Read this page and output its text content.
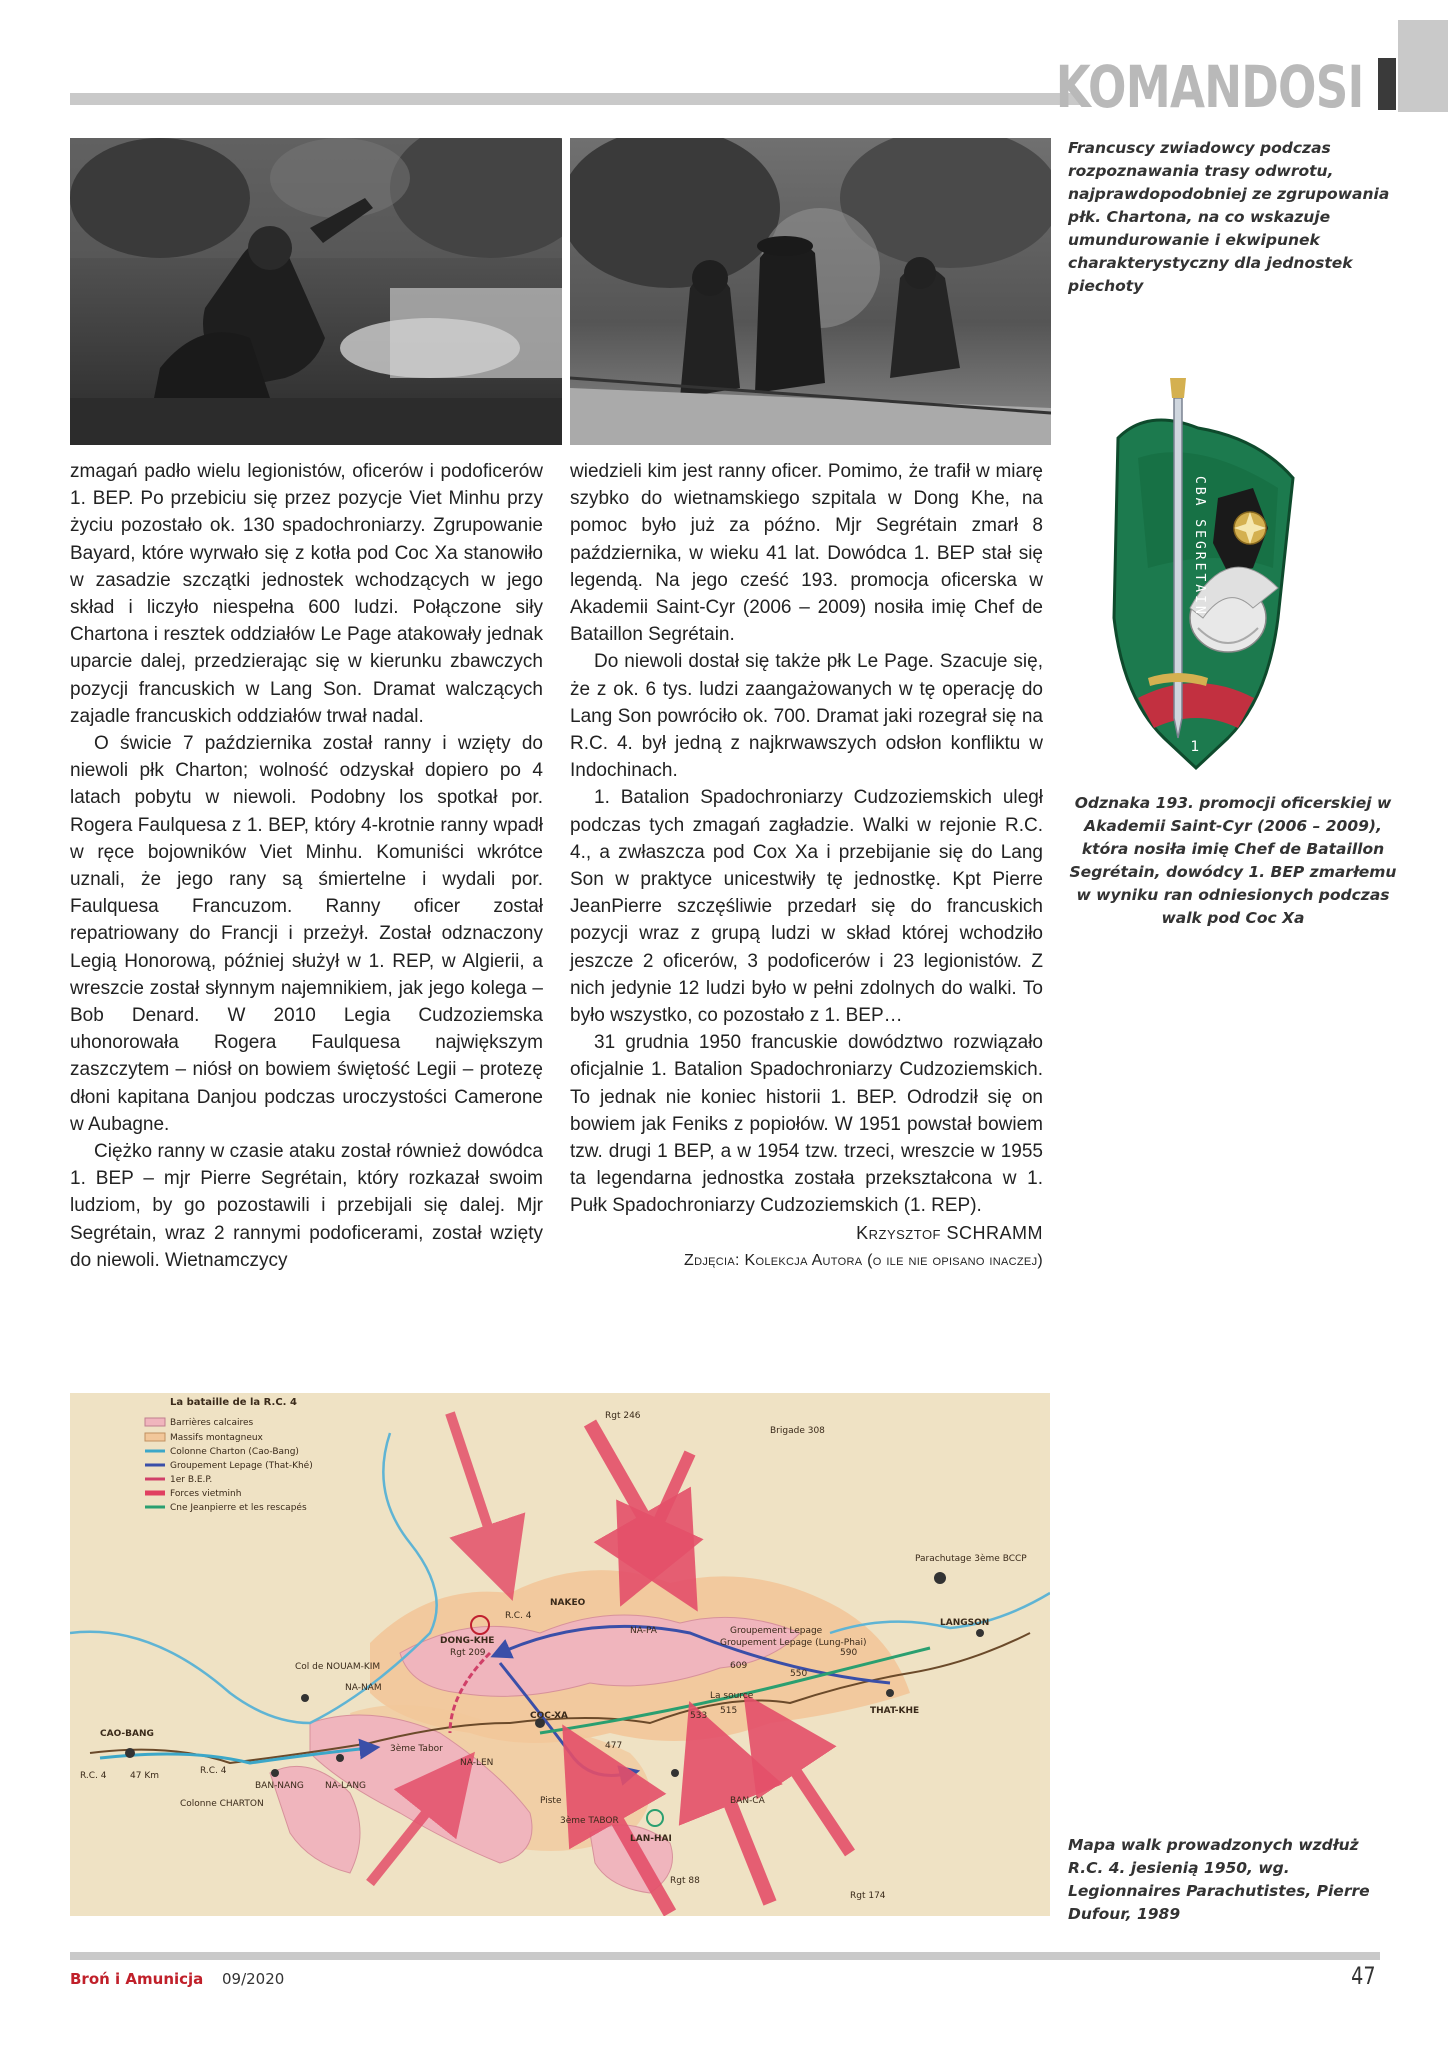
KOMANDOSI
Francuscy zwiadowcy podczas rozpoznawania trasy odwrotu, najprawdopodobniej ze zgrupowania płk. Chartona, na co wskazuje umundurowanie i ekwipunek charakterystyczny dla jednostek piechoty
1
CBA SEGRETAIN
Odznaka 193. promocji oficerskiej w Akademii Saint-Cyr (2006 – 2009), która nosiła imię Chef de Bataillon Segrétain, dowódcy 1. BEP zmarłemu w wyniku ran odniesionych podczas walk pod Coc Xa

zmagań padło wielu legionistów, oficerów i podoficerów 1. BEP. Po przebiciu się przez pozycje Viet Minhu przy życiu pozostało ok. 130 spadochroniarzy. Zgrupowanie Bayard, które wyrwało się z kotła pod Coc Xa stanowiło w zasadzie szczątki jednostek wchodzących w jego skład i liczyło niespełna 600 ludzi. Połączone siły Chartona i resztek oddziałów Le Page atakowały jednak uparcie dalej, przedzierając się w kierunku zbawczych pozycji francuskich w Lang Son. Dramat walczących zajadle francuskich oddziałów trwał nadal.

O świcie 7 października został ranny i wzięty do niewoli płk Charton; wolność odzyskał dopiero po 4 latach pobytu w niewoli. Podobny los spotkał por. Rogera Faulquesa z 1. BEP, który 4-krotnie ranny wpadł w ręce bojowników Viet Minhu. Komuniści wkrótce uznali, że jego rany są śmiertelne i wydali por. Faulquesa Francuzom. Ranny oficer został repatriowany do Francji i przeżył. Został odznaczony Legią Honorową, później służył w 1. REP, w Algierii, a wreszcie został słynnym najemnikiem, jak jego kolega – Bob Denard. W 2010 Legia Cudzoziemska uhonorowała Rogera Faulquesa największym zaszczytem – niósł on bowiem świętość Legii – protezę dłoni kapitana Danjou podczas uroczystości Camerone w Aubagne.

Ciężko ranny w czasie ataku został również dowódca 1. BEP – mjr Pierre Segrétain, który rozkazał swoim ludziom, by go pozostawili i przebijali się dalej. Mjr Segrétain, wraz 2 rannymi podoficerami, został wzięty do niewoli. Wietnamczycy

wiedzieli kim jest ranny oficer. Pomimo, że trafił w miarę szybko do wietnamskiego szpitala w Dong Khe, na pomoc było już za późno. Mjr Segrétain zmarł 8 października, w wieku 41 lat. Dowódca 1. BEP stał się legendą. Na jego cześć 193. promocja oficerska w Akademii Saint-Cyr (2006 – 2009) nosiła imię Chef de Bataillon Segrétain.

Do niewoli dostał się także płk Le Page. Szacuje się, że z ok. 6 tys. ludzi zaangażowanych w tę operację do Lang Son powróciło ok. 700. Dramat jaki rozegrał się na R.C. 4. był jedną z najkrwawszych odsłon konfliktu w Indochinach.

1. Batalion Spadochroniarzy Cudzoziemskich uległ podczas tych zmagań zagładzie. Walki w rejonie R.C. 4., a zwłaszcza pod Cox Xa i przebijanie się do Lang Son w praktyce unicestwiły tę jednostkę. Kpt Pierre JeanPierre szczęśliwie przedarł się do francuskich pozycji wraz z grupą ludzi w skład której wchodziło jeszcze 2 oficerów, 3 podoficerów i 23 legionistów. Z nich jedynie 12 ludzi było w pełni zdolnych do walki. To było wszystko, co pozostało z 1. BEP…

31 grudnia 1950 francuskie dowództwo rozwiązało oficjalnie 1. Batalion Spadochroniarzy Cudzoziemskich. To jednak nie koniec historii 1. BEP. Odrodził się on bowiem jak Feniks z popiołów. W 1951 powstał bowiem tzw. drugi 1 BEP, a w 1954 tzw. trzeci, wreszcie w 1955 ta legendarna jednostka została przekształcona w 1. Pułk Spadochroniarzy Cudzoziemskich (1. REP).

Krzysztof SCHRAMM
Zdjęcia: Kolekcja Autora (o ile nie opisano inaczej)
La bataille de la R.C. 4
Barrières calcaires
Massifs montagneux
Colonne Charton (Cao-Bang)
Groupement Lepage (That-Khé)
1er B.E.P.
Forces vietminh
Cne Jeanpierre et les rescapés
CAO-BANG
R.C. 4	47 Km	R.C. 4
Colonne CHARTON
BAN-NANG NA-LANG
Col de NOUAM-KIM
NA-NAM
DONG-KHE
Rgt 209
R.C. 4
NA-LEN
3ème Tabor
COC-XA
NAKEO
NA-PA
Rgt 246
Brigade 308
La source
609
477
515
533
590
550
THAT-KHE
LANGSON
Parachutage 3ème BCCP
BAN-CA
LAN-HAI
Rgt 88
Rgt 174
3ème TABOR
Piste
Groupement Lepage
Groupement Lepage (Lung-Phai)
Mapa walk prowadzonych wzdłuż R.C. 4. jesienią 1950, wg. Legionnaires Parachutistes, Pierre Dufour, 1989
Broń i Amunicja 09/2020	47
